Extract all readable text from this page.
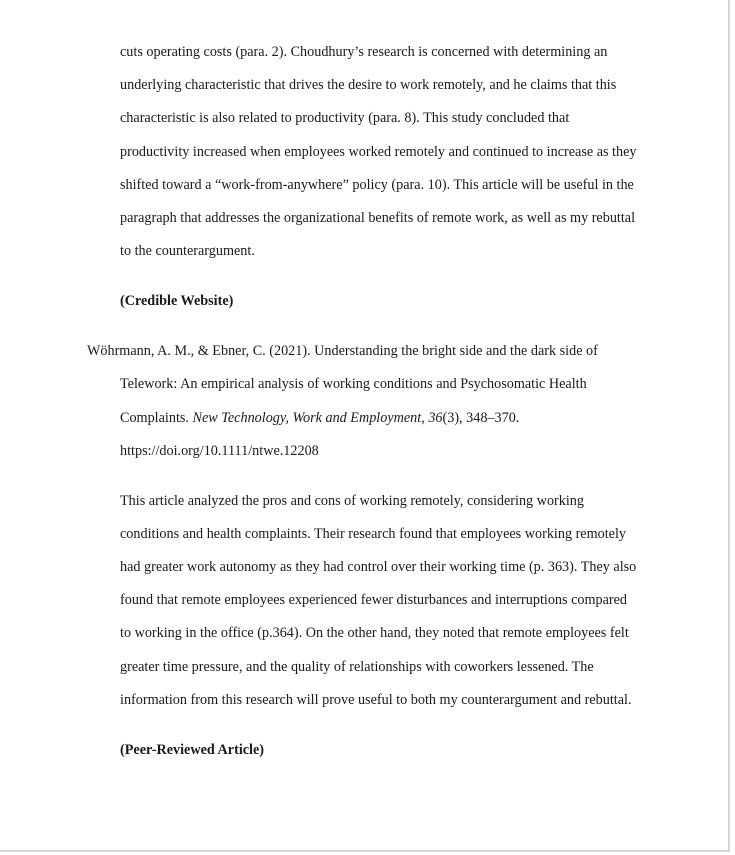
cuts operating costs (para. 2). Choudhury’s research is concerned with determining an
underlying characteristic that drives the desire to work remotely, and he claims that this
characteristic is also related to productivity (para. 8). This study concluded that
productivity increased when employees worked remotely and continued to increase as they
shifted toward a “work-from-anywhere” policy (para. 10). This article will be useful in the
paragraph that addresses the organizational benefits of remote work, as well as my rebuttal
to the counterargument.
(Credible Website)
Wöhrmann, A. M., & Ebner, C. (2021). Understanding the bright side and the dark side of
Telework: An empirical analysis of working conditions and Psychosomatic Health
Complaints. New Technology, Work and Employment, 36(3), 348–370.
https://doi.org/10.1111/ntwe.12208
This article analyzed the pros and cons of working remotely, considering working
conditions and health complaints. Their research found that employees working remotely
had greater work autonomy as they had control over their working time (p. 363). They also
found that remote employees experienced fewer disturbances and interruptions compared
to working in the office (p.364). On the other hand, they noted that remote employees felt
greater time pressure, and the quality of relationships with coworkers lessened. The
information from this research will prove useful to both my counterargument and rebuttal.
(Peer-Reviewed Article)
